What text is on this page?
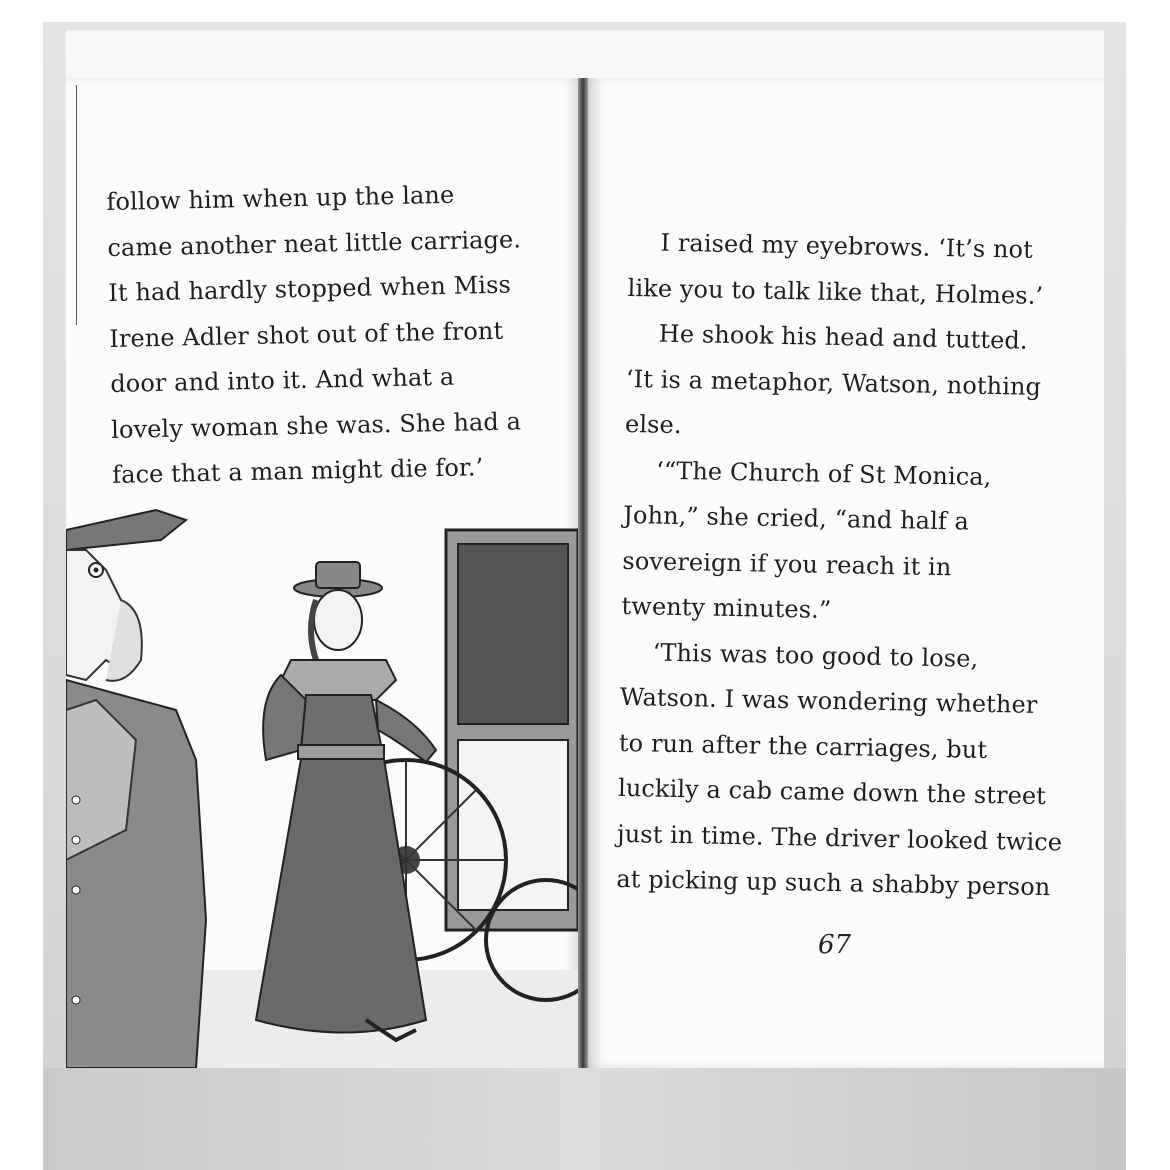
follow him when up the lane
came another neat little carriage.
It had hardly stopped when Miss
Irene Adler shot out of the front
door and into it. And what a
lovely woman she was. She had a
face that a man might die for.’
I raised my eyebrows. ‘It’s not
like you to talk like that, Holmes.’
He shook his head and tutted.
‘It is a metaphor, Watson, nothing
else.
‘“The Church of St Monica,
John,” she cried, “and half a
sovereign if you reach it in
twenty minutes.”
‘This was too good to lose,
Watson. I was wondering whether
to run after the carriages, but
luckily a cab came down the street
just in time. The driver looked twice
at picking up such a shabby person
67
